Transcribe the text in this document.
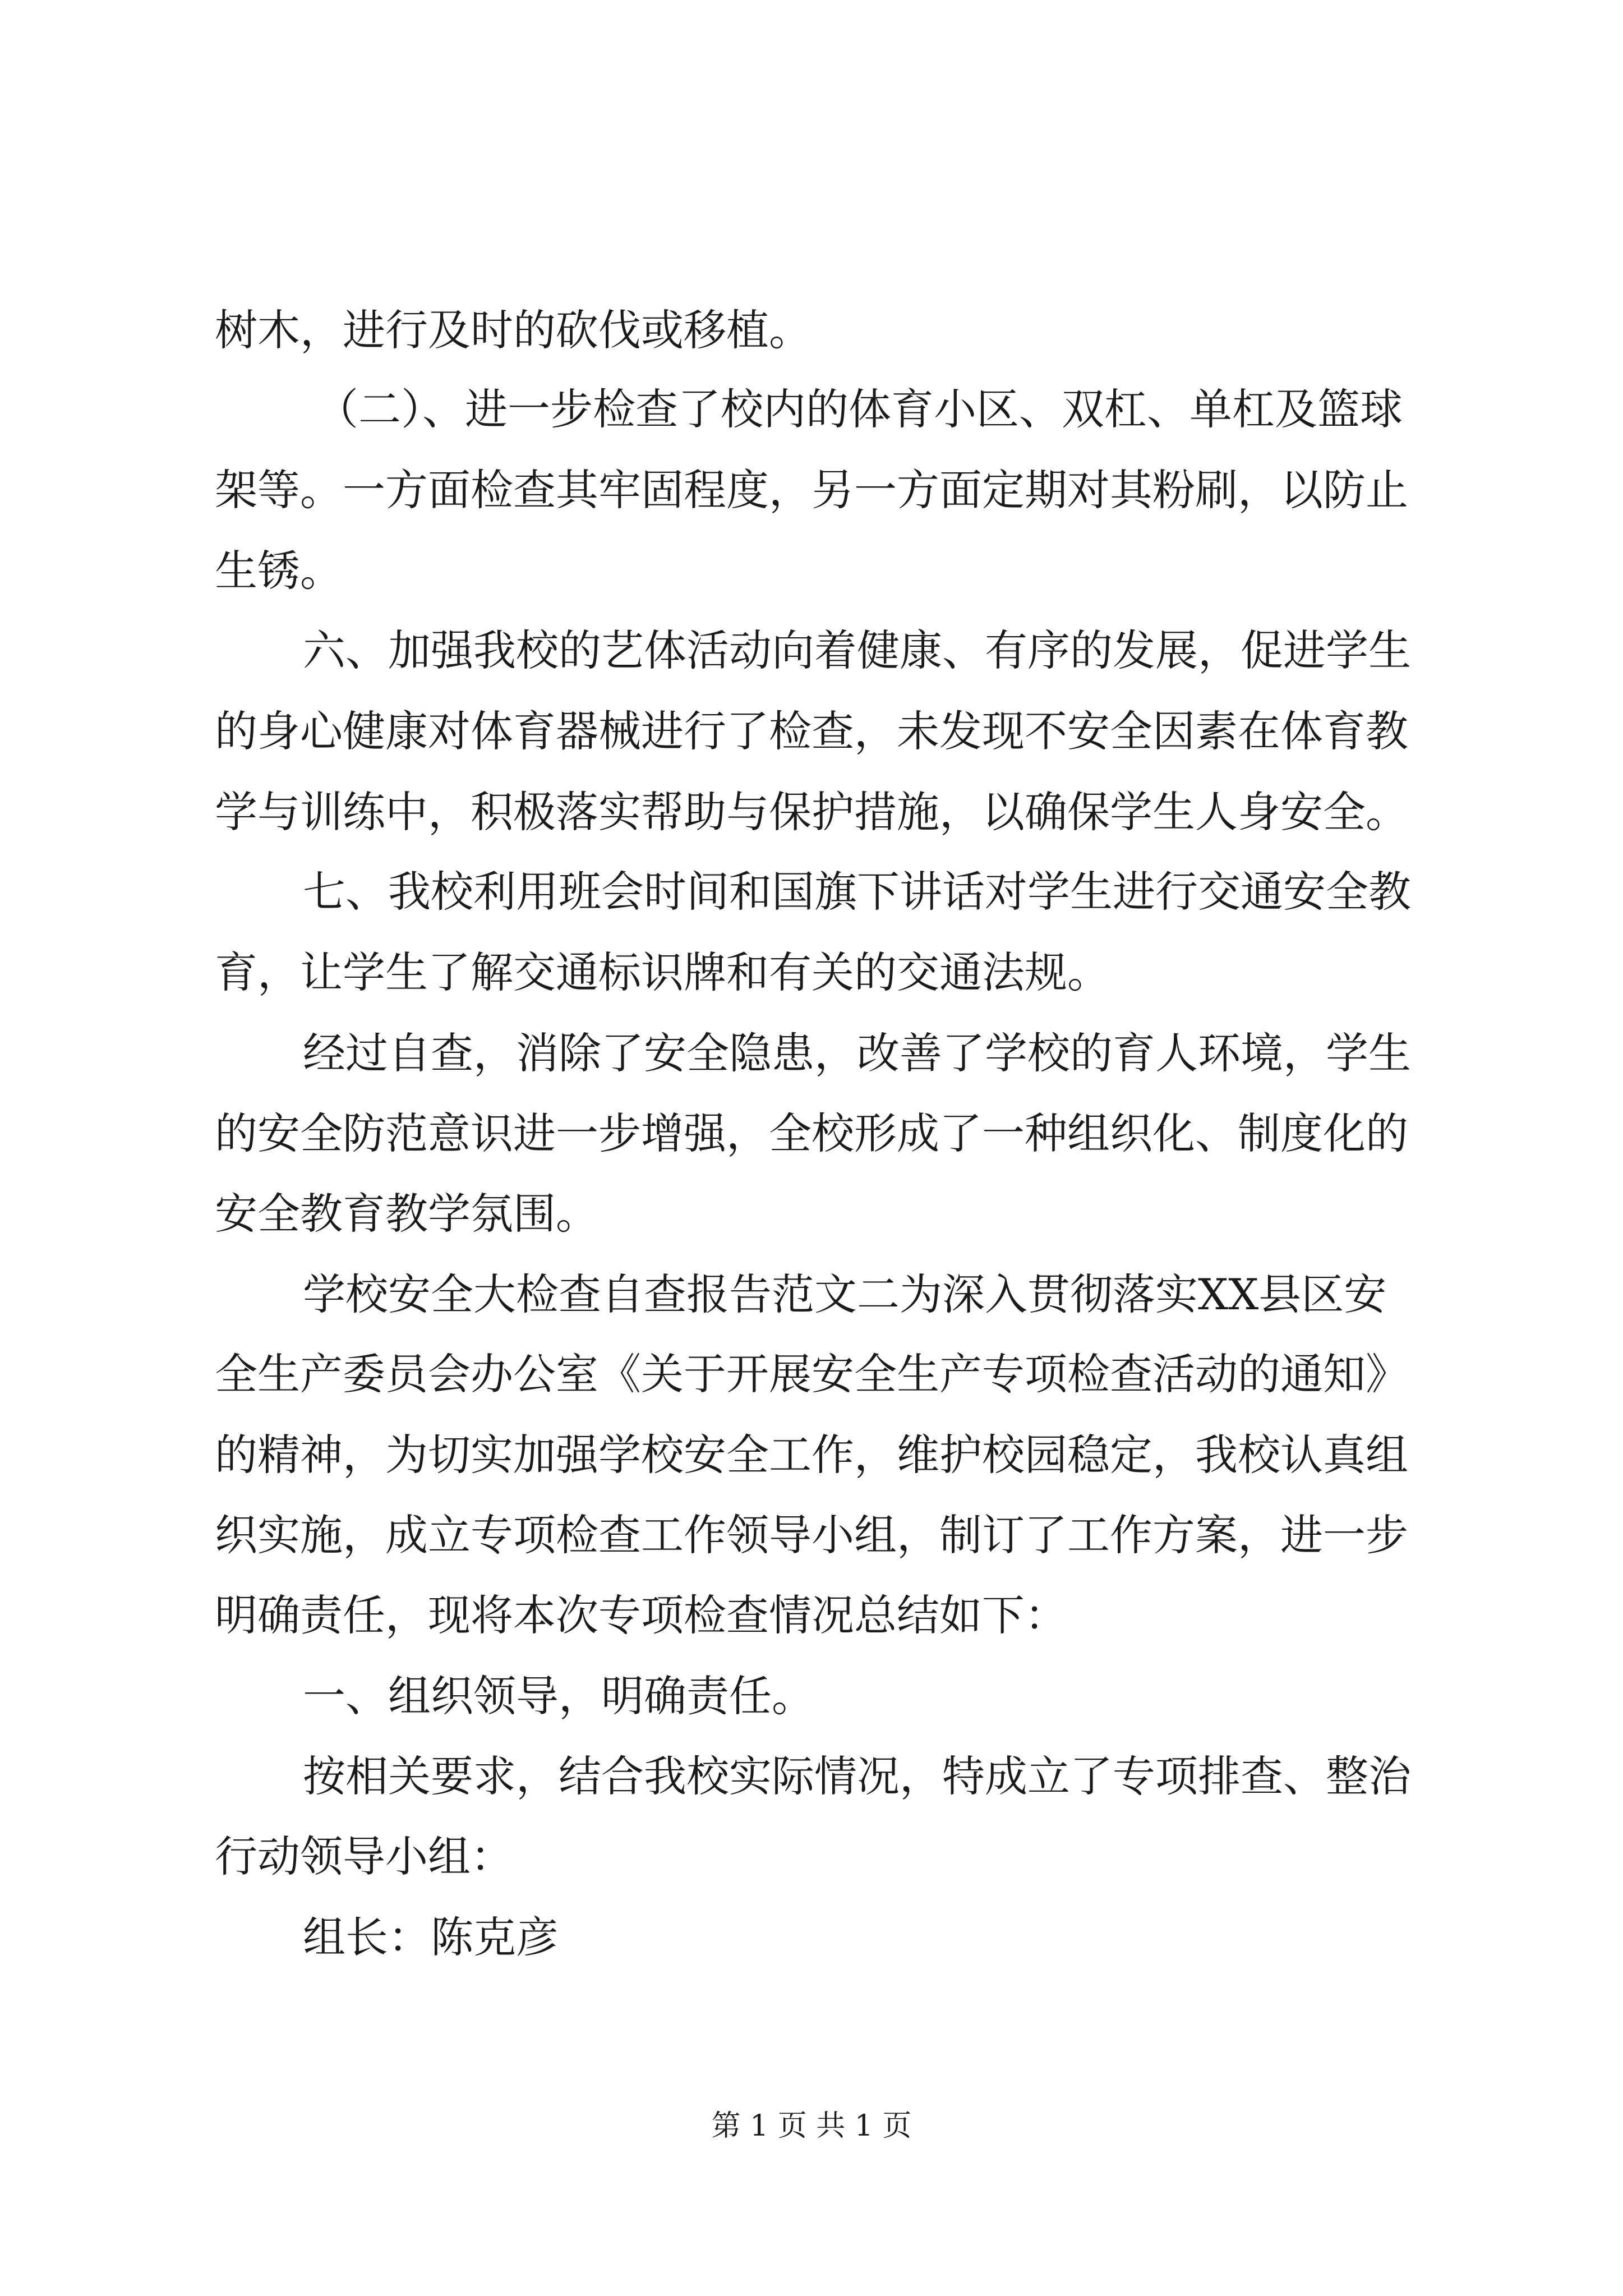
树木，进行及时的砍伐或移植。
（二）、进一步检查了校内的体育小区、双杠、单杠及篮球
架等。一方面检查其牢固程度，另一方面定期对其粉刷，以防止
生锈。
六、加强我校的艺体活动向着健康、有序的发展，促进学生
的身心健康对体育器械进行了检查，未发现不安全因素在体育教
学与训练中，积极落实帮助与保护措施，以确保学生人身安全。
七、我校利用班会时间和国旗下讲话对学生进行交通安全教
育，让学生了解交通标识牌和有关的交通法规。
经过自查，消除了安全隐患，改善了学校的育人环境，学生
的安全防范意识进一步增强，全校形成了一种组织化、制度化的
安全教育教学氛围。
学校安全大检查自查报告范文二为深入贯彻落实XX县区安
全生产委员会办公室《关于开展安全生产专项检查活动的通知》
的精神，为切实加强学校安全工作，维护校园稳定，我校认真组
织实施，成立专项检查工作领导小组，制订了工作方案，进一步
明确责任，现将本次专项检查情况总结如下：
一、组织领导，明确责任。
按相关要求，结合我校实际情况，特成立了专项排查、整治
行动领导小组：
组长：陈克彦
第 1 页 共 1 页
